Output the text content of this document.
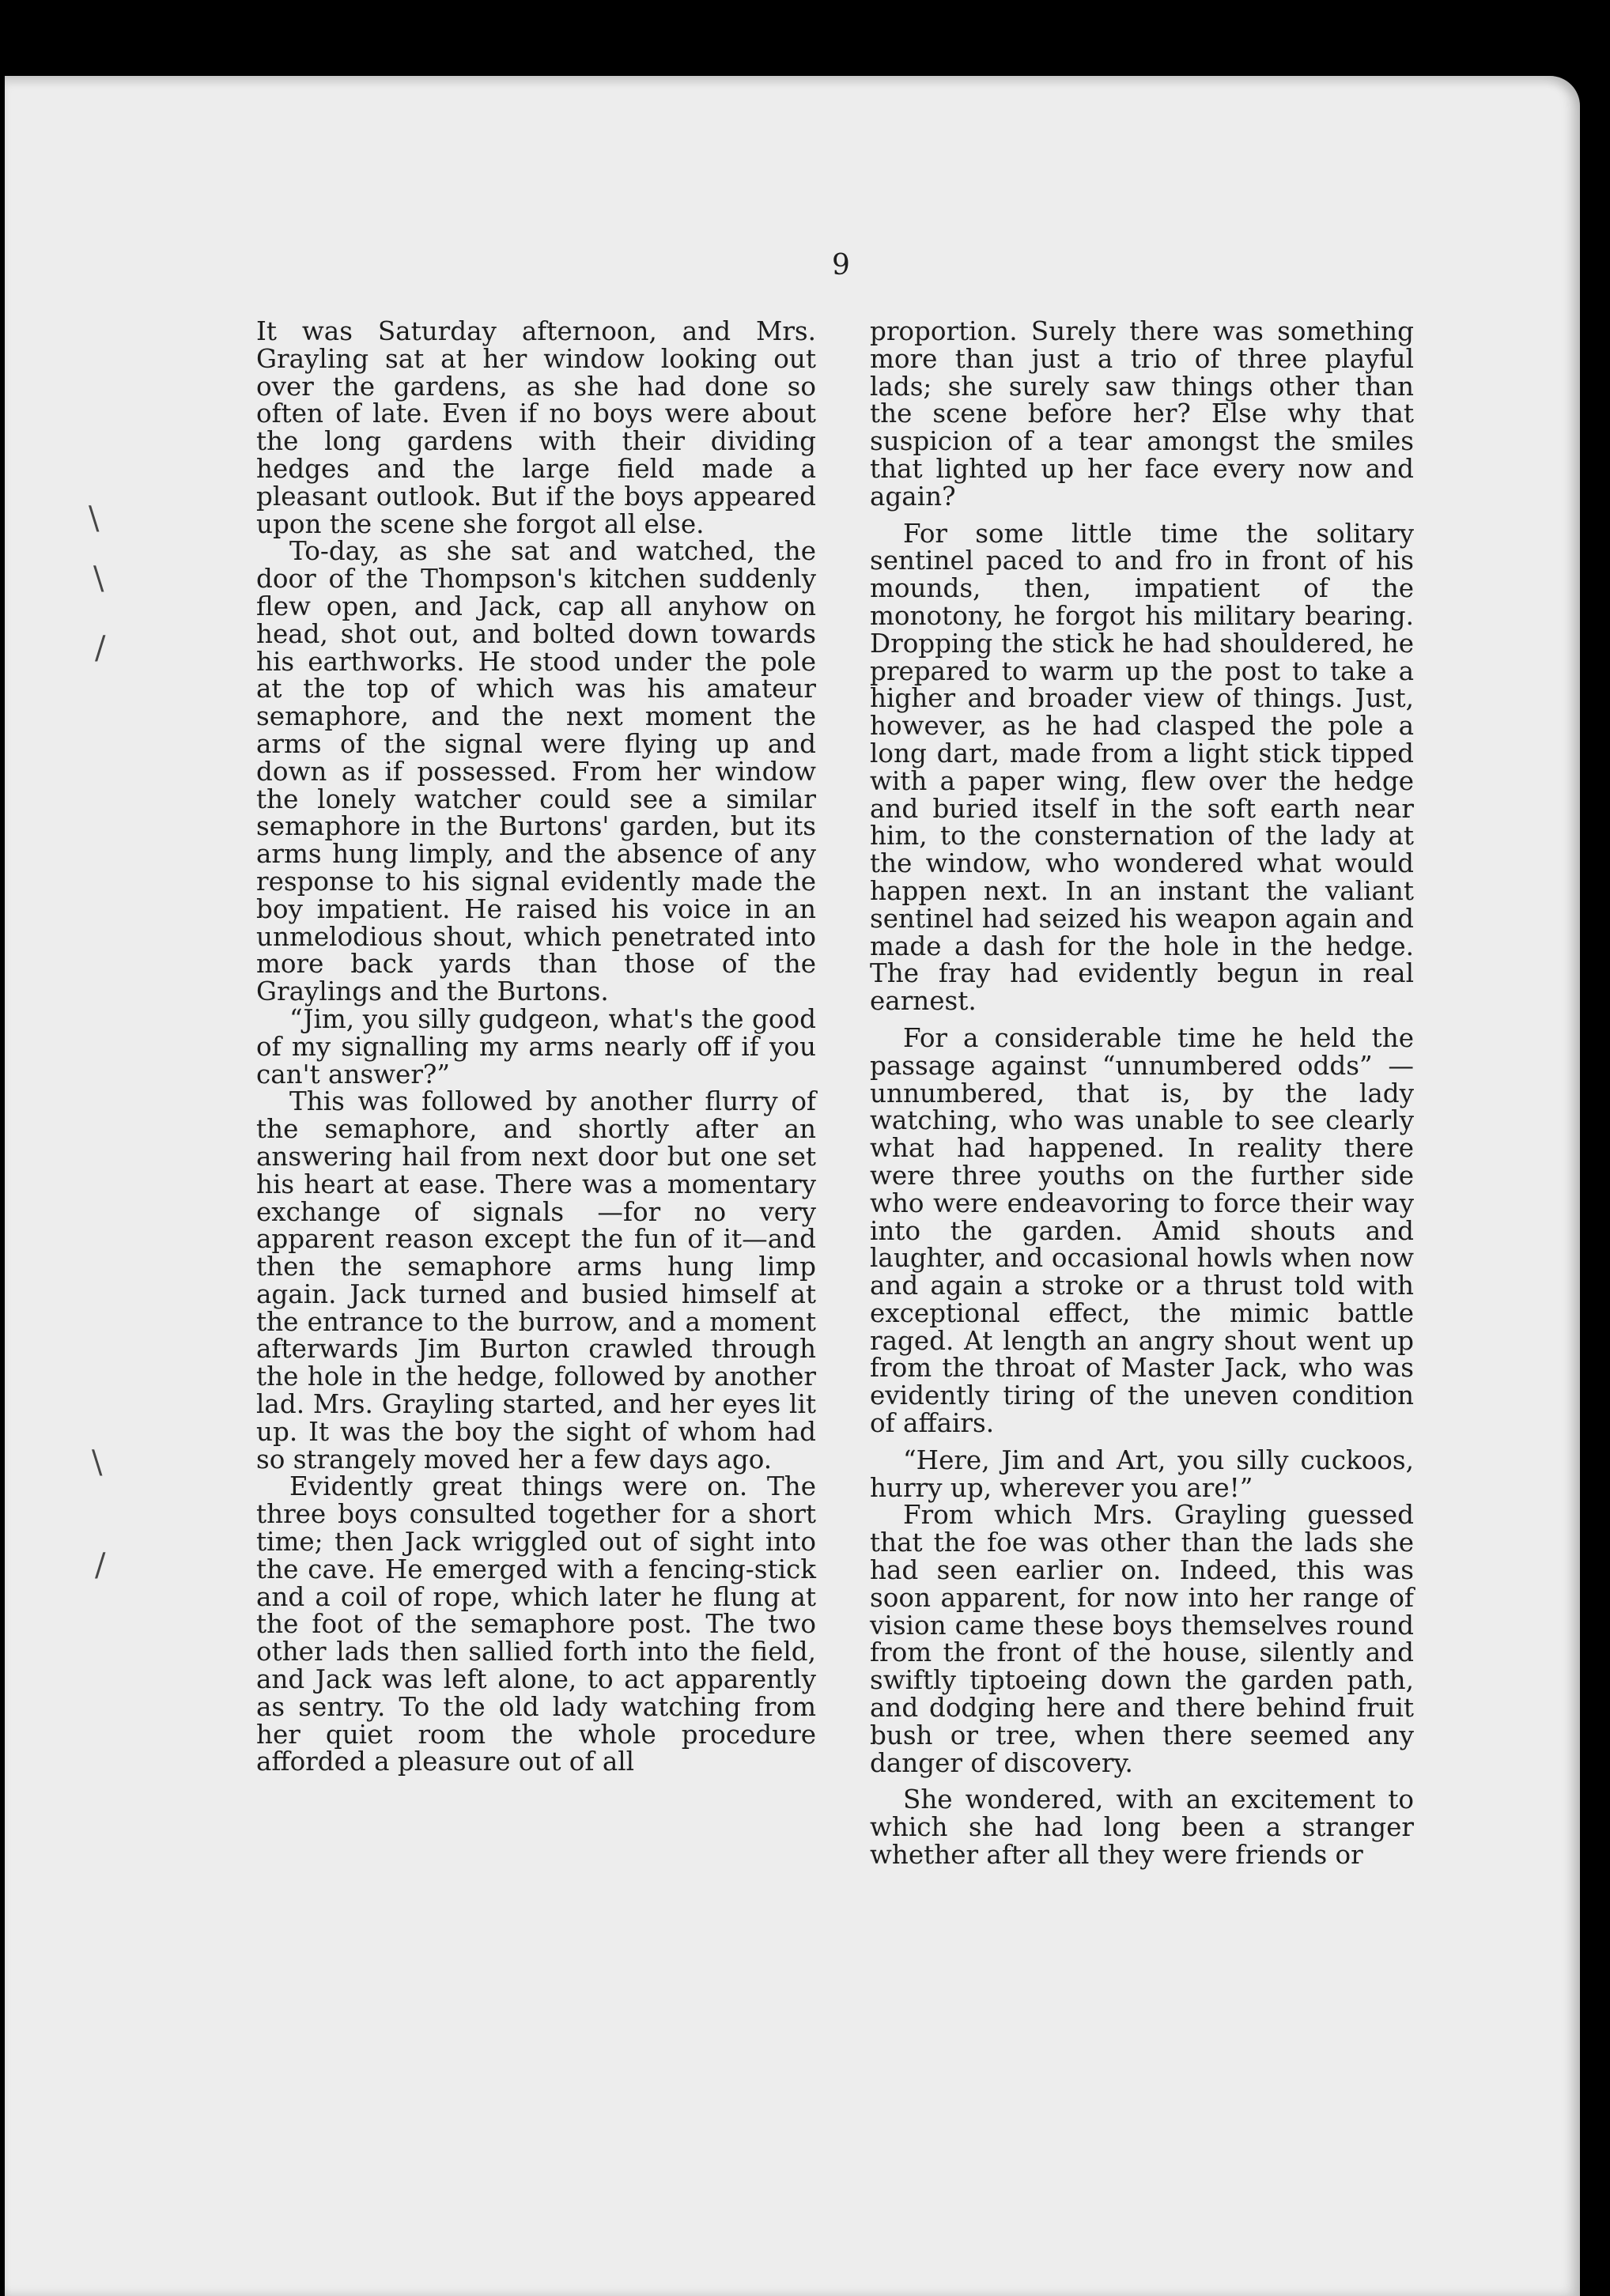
\
\
/
\
/
9

It was Saturday afternoon, and Mrs. Grayling sat at her window looking out over the gardens, as she had done so often of late. Even if no boys were about the long gardens with their dividing hedges and the large field made a pleasant outlook. But if the boys appeared upon the scene she forgot all else.

To-day, as she sat and watched, the door of the Thompson's kitchen suddenly flew open, and Jack, cap all anyhow on head, shot out, and bolted down towards his earthworks. He stood under the pole at the top of which was his amateur semaphore, and the next moment the arms of the signal were flying up and down as if possessed. From her window the lonely watcher could see a similar semaphore in the Burtons' garden, but its arms hung limply, and the absence of any response to his signal evidently made the boy impatient. He raised his voice in an unmelodious shout, which penetrated into more back yards than those of the Graylings and the Burtons.

“Jim, you silly gudgeon, what's the good of my signalling my arms nearly off if you can't answer?”

This was followed by another flurry of the semaphore, and shortly after an answering hail from next door but one set his heart at ease. There was a momentary exchange of signals —for no very apparent reason except the fun of it—and then the semaphore arms hung limp again. Jack turned and busied himself at the entrance to the burrow, and a moment afterwards Jim Burton crawled through the hole in the hedge, followed by another lad. Mrs. Grayling started, and her eyes lit up. It was the boy the sight of whom had so strangely moved her a few days ago.

Evidently great things were on. The three boys consulted together for a short time; then Jack wriggled out of sight into the cave. He emerged with a fencing-stick and a coil of rope, which later he flung at the foot of the semaphore post. The two other lads then sallied forth into the field, and Jack was left alone, to act apparently as sentry. To the old lady watching from her quiet room the whole procedure afforded a pleasure out of all

proportion. Surely there was something more than just a trio of three playful lads; she surely saw things other than the scene before her? Else why that suspicion of a tear amongst the smiles that lighted up her face every now and again?

For some little time the solitary sentinel paced to and fro in front of his mounds, then, impatient of the monotony, he forgot his military bearing. Dropping the stick he had shouldered, he prepared to warm up the post to take a higher and broader view of things. Just, however, as he had clasped the pole a long dart, made from a light stick tipped with a paper wing, flew over the hedge and buried itself in the soft earth near him, to the consternation of the lady at the window, who wondered what would happen next. In an instant the valiant sentinel had seized his weapon again and made a dash for the hole in the hedge. The fray had evidently begun in real earnest.

For a considerable time he held the passage against “unnumbered odds” —unnumbered, that is, by the lady watching, who was unable to see clearly what had happened. In reality there were three youths on the further side who were endeavoring to force their way into the garden. Amid shouts and laughter, and occasional howls when now and again a stroke or a thrust told with exceptional effect, the mimic battle raged. At length an angry shout went up from the throat of Master Jack, who was evidently tiring of the uneven condition of affairs.

“Here, Jim and Art, you silly cuckoos, hurry up, wherever you are!”

From which Mrs. Grayling guessed that the foe was other than the lads she had seen earlier on. Indeed, this was soon apparent, for now into her range of vision came these boys themselves round from the front of the house, silently and swiftly tiptoeing down the garden path, and dodging here and there behind fruit bush or tree, when there seemed any danger of discovery.

She wondered, with an excitement to which she had long been a stranger whether after all they were friends or
